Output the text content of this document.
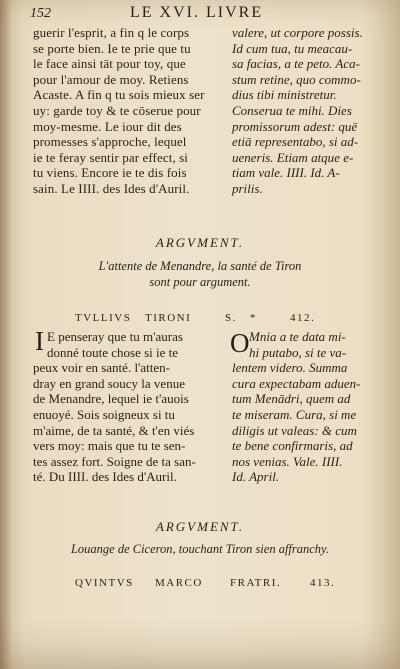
152	LE XVI. LIVRE
guerir l'esprit, a fin q le corps
se porte bien. Ie te prie que tu
le face ainsi tāt pour toy, que
pour l'amour de moy. Retiens
Acaste. A fin q tu sois mieux ser
uy: garde toy & te cōserue pour
moy-mesme. Le iour dit des
promesses s'approche, lequel
ie te feray sentir par effect, si
tu viens. Encore ie te dis fois
sain. Le IIII. des Ides d'Auril.
valere, ut corpore possis.
Id cum tua, tu meacau-
sa facias, a te peto. Aca-
stum retine, quo commo-
dius tibi ministretur.
Conserua te mihi. Dies
promissorum adest: quē
etiā representabo, si ad-
ueneris. Etiam atque e-
tiam vale. IIII. Id. A-
prilis.
ARGVMENT.
L'attente de Menandre, la santé de Tiron
sont pour argument.
TVLLIVS TIRONI	S. *	412.
I	O
E penseray que tu m'auras
donné toute chose si ie te
peux voir en santé. l'atten-
dray en grand soucy la venue
de Menandre, lequel ie t'auois
enuoyé. Sois soigneux si tu
m'aime, de ta santé, & t'en viés
vers moy: mais que tu te sen-
tes assez fort. Soigne de ta san-
té. Du IIII. des Ides d'Auril.
Mnia a te data mi-
hi putabo, si te va-
lentem videro. Summa
cura expectabam aduen-
tum Menādri, quem ad
te miseram. Cura, si me
diligis ut valeas: & cum
te bene confirmaris, ad
nos venias. Vale. IIII.
Id. April.
ARGVMENT.
Louange de Ciceron, touchant Tiron sien affranchy.
QVINTVS MARCO FRATRI.	413.
